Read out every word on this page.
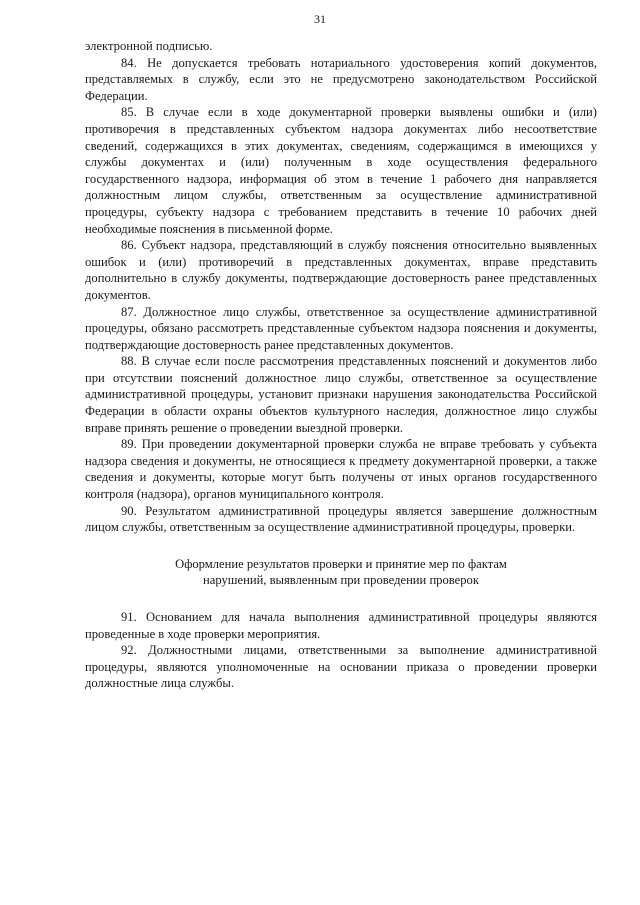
31

электронной подписью.

84. Не допускается требовать нотариального удостоверения копий документов, представляемых в службу, если это не предусмотрено законодательством Российской Федерации.

85. В случае если в ходе документарной проверки выявлены ошибки и (или) противоречия в представленных субъектом надзора документах либо несоответствие сведений, содержащихся в этих документах, сведениям, содержащимся в имеющихся у службы документах и (или) полученным в ходе осуществления федерального государственного надзора, информация об этом в течение 1 рабочего дня направляется должностным лицом службы, ответственным за осуществление административной процедуры, субъекту надзора с требованием представить в течение 10 рабочих дней необходимые пояснения в письменной форме.

86. Субъект надзора, представляющий в службу пояснения относительно выявленных ошибок и (или) противоречий в представленных документах, вправе представить дополнительно в службу документы, подтверждающие достоверность ранее представленных документов.

87. Должностное лицо службы, ответственное за осуществление административной процедуры, обязано рассмотреть представленные субъектом надзора пояснения и документы, подтверждающие достоверность ранее представленных документов.

88. В случае если после рассмотрения представленных пояснений и документов либо при отсутствии пояснений должностное лицо службы, ответственное за осуществление административной процедуры, установит признаки нарушения законодательства Российской Федерации в области охраны объектов культурного наследия, должностное лицо службы вправе принять решение о проведении выездной проверки.

89. При проведении документарной проверки служба не вправе требовать у субъекта надзора сведения и документы, не относящиеся к предмету документарной проверки, а также сведения и документы, которые могут быть получены от иных органов государственного контроля (надзора), органов муниципального контроля.

90. Результатом административной процедуры является завершение должностным лицом службы, ответственным за осуществление административной процедуры, проверки.

Оформление результатов проверки и принятие мер по фактам
нарушений, выявленным при проведении проверок

91. Основанием для начала выполнения административной процедуры являются проведенные в ходе проверки мероприятия.

92. Должностными лицами, ответственными за выполнение административной процедуры, являются уполномоченные на основании приказа о проведении проверки должностные лица службы.
